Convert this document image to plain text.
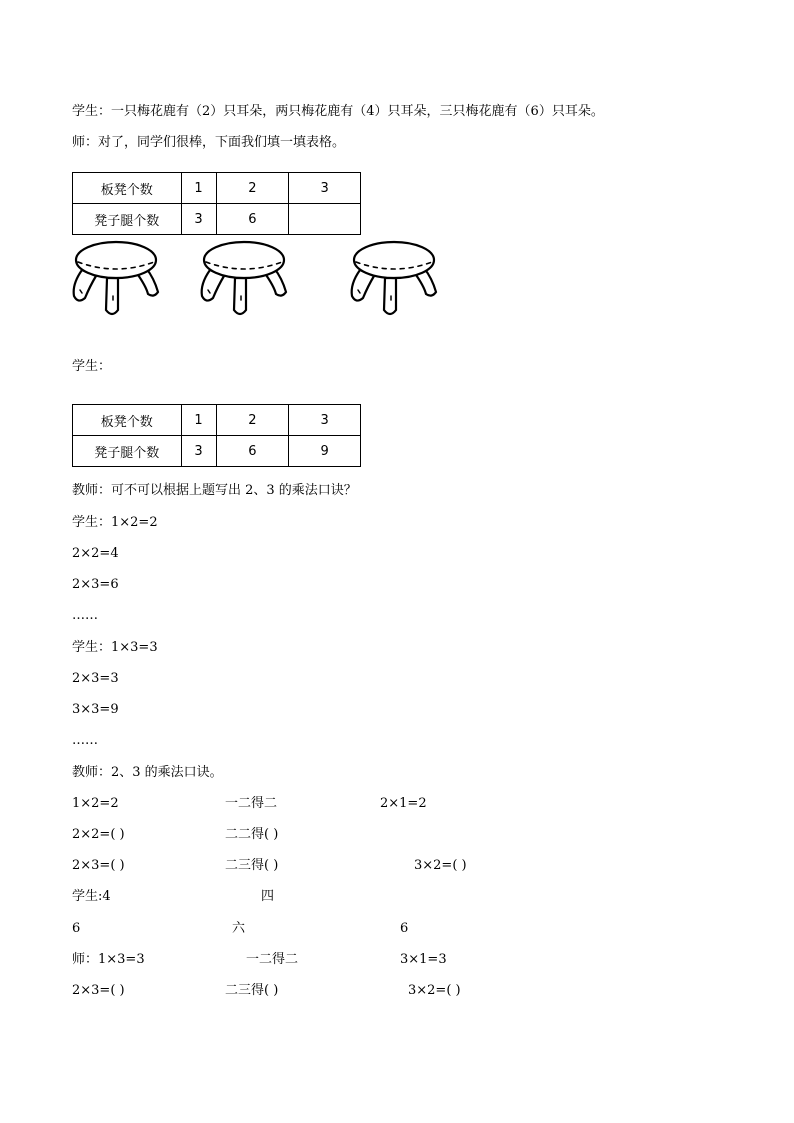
学生：一只梅花鹿有（2）只耳朵，两只梅花鹿有（4）只耳朵，三只梅花鹿有（6）只耳朵。
师：对了，同学们很棒，下面我们填一填表格。
板凳个数	1	2	3
凳子腿个数	3	6	
学生：
板凳个数	1	2	3
凳子腿个数	3	6	9
教师：可不可以根据上题写出 2、3 的乘法口诀？
学生：1×2=2
2×2=4
2×3=6
……
学生：1×3=3
2×3=3
3×3=9
……
教师：2、3 的乘法口诀。
1×2=2	一二得二	2×1=2
2×2=( )	二二得( )
2×3=( )	二三得( )	3×2=( )
学生:4	四
6	六	6
师：1×3=3	一二得二	3×1=3
2×3=( )	二三得( )	3×2=( )
